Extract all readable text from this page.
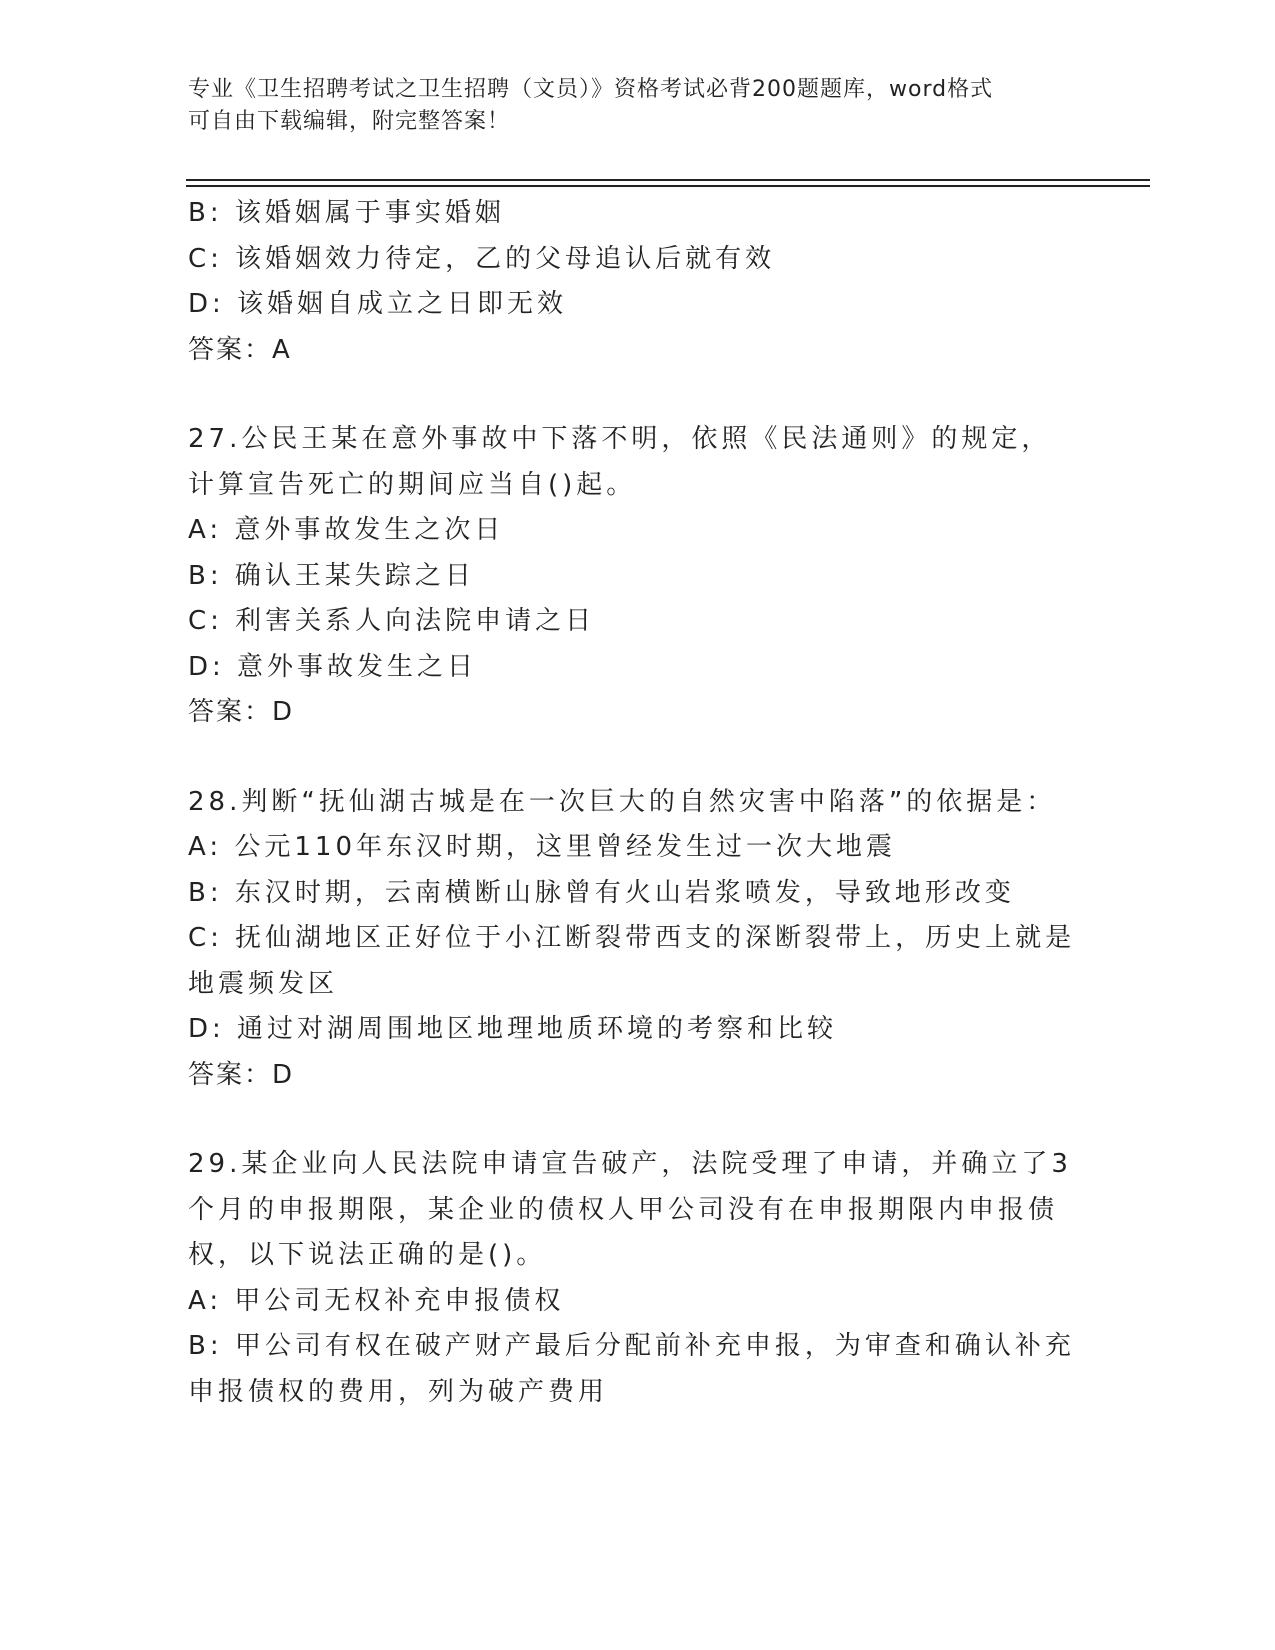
专业《卫生招聘考试之卫生招聘（文员）》资格考试必背200题题库，word格式
可自由下载编辑，附完整答案！

B: 该婚姻属于事实婚姻

C: 该婚姻效力待定，乙的父母追认后就有效

D: 该婚姻自成立之日即无效

答案：A

27.公民王某在意外事故中下落不明，依照《民法通则》的规定，计算宣告死亡的期间应当自()起。

A: 意外事故发生之次日

B: 确认王某失踪之日

C: 利害关系人向法院申请之日

D: 意外事故发生之日

答案：D

28.判断“抚仙湖古城是在一次巨大的自然灾害中陷落”的依据是：

A: 公元110年东汉时期，这里曾经发生过一次大地震

B: 东汉时期，云南横断山脉曾有火山岩浆喷发，导致地形改变

C: 抚仙湖地区正好位于小江断裂带西支的深断裂带上，历史上就是地震频发区

D: 通过对湖周围地区地理地质环境的考察和比较

答案：D

29.某企业向人民法院申请宣告破产，法院受理了申请，并确立了3个月的申报期限，某企业的债权人甲公司没有在申报期限内申报债权，以下说法正确的是()。

A: 甲公司无权补充申报债权

B: 甲公司有权在破产财产最后分配前补充申报，为审查和确认补充申报债权的费用，列为破产费用
